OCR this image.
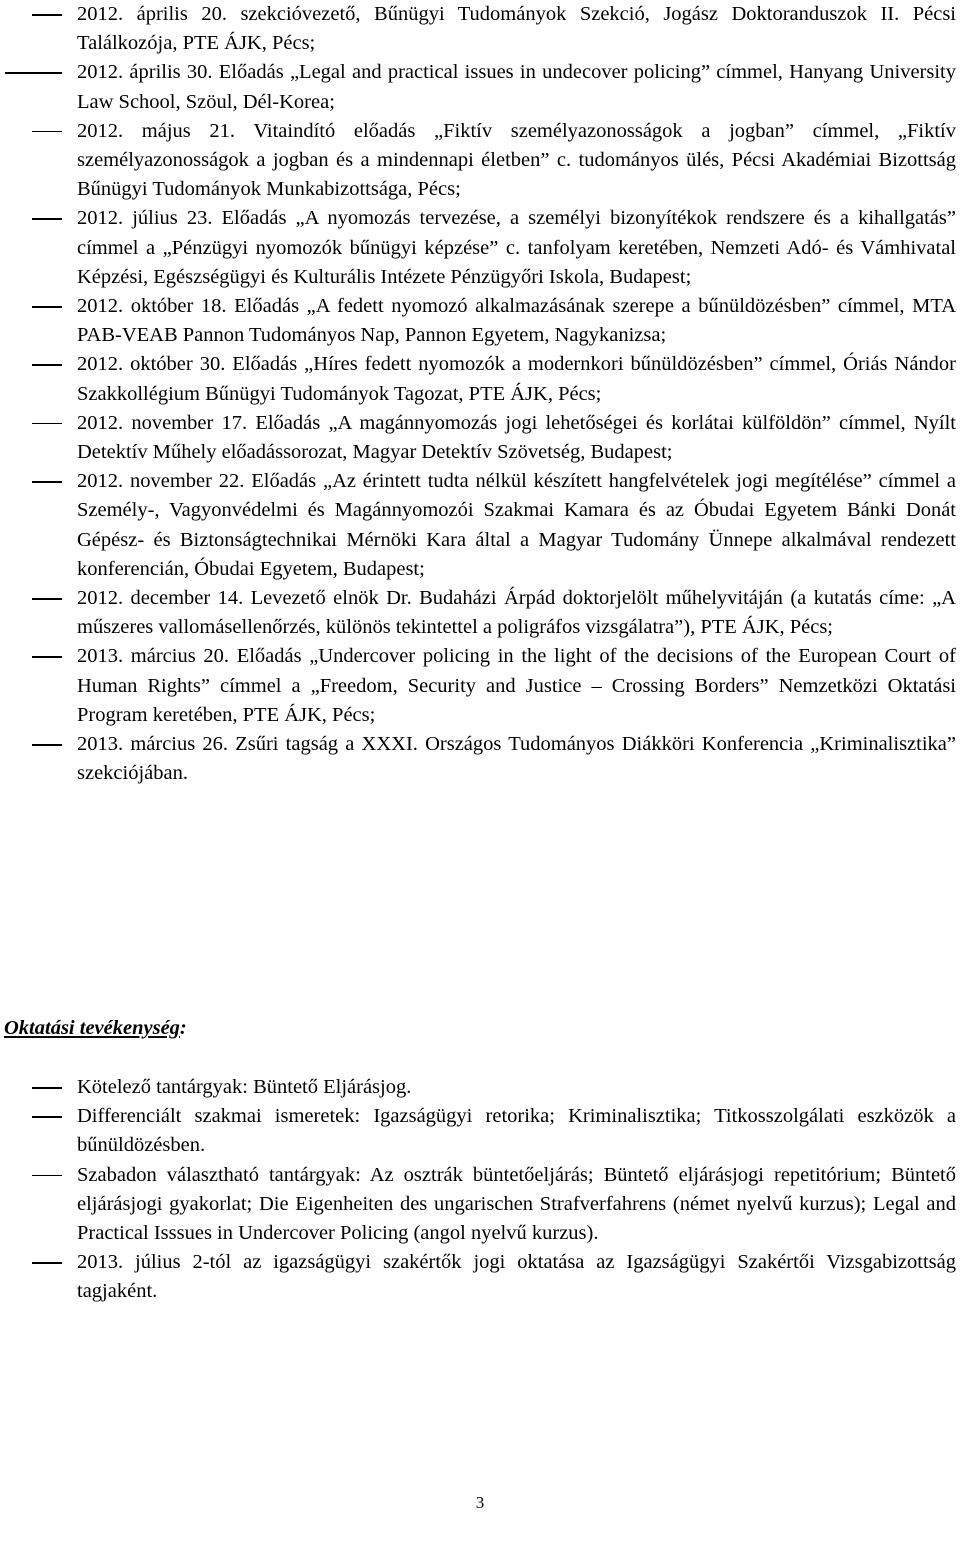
2012. április 20. szekcióvezető, Bűnügyi Tudományok Szekció, Jogász Doktoranduszok II. Pécsi Találkozója, PTE ÁJK, Pécs;
2012. április 30. Előadás „Legal and practical issues in undecover policing” címmel, Hanyang University Law School, Szöul, Dél-Korea;
2012. május 21. Vitaindító előadás „Fiktív személyazonosságok a jogban” címmel, „Fiktív személyazonosságok a jogban és a mindennapi életben” c. tudományos ülés, Pécsi Akadémiai Bizottság Bűnügyi Tudományok Munkabizottsága, Pécs;
2012. július 23. Előadás „A nyomozás tervezése, a személyi bizonyítékok rendszere és a kihallgatás” címmel a „Pénzügyi nyomozók bűnügyi képzése” c. tanfolyam keretében, Nemzeti Adó- és Vámhivatal Képzési, Egészségügyi és Kulturális Intézete Pénzügyőri Iskola, Budapest;
2012. október 18. Előadás „A fedett nyomozó alkalmazásának szerepe a bűnüldözésben” címmel, MTA PAB-VEAB Pannon Tudományos Nap, Pannon Egyetem, Nagykanizsa;
2012. október 30. Előadás „Híres fedett nyomozók a modernkori bűnüldözésben” címmel, Óriás Nándor Szakkollégium Bűnügyi Tudományok Tagozat, PTE ÁJK, Pécs;
2012. november 17. Előadás „A magánnyomozás jogi lehetőségei és korlátai külföldön” címmel, Nyílt Detektív Műhely előadássorozat, Magyar Detektív Szövetség, Budapest;
2012. november 22. Előadás „Az érintett tudta nélkül készített hangfelvételek jogi megítélése” címmel a Személy-, Vagyonvédelmi és Magánnyomozói Szakmai Kamara és az Óbudai Egyetem Bánki Donát Gépész- és Biztonságtechnikai Mérnöki Kara által a Magyar Tudomány Ünnepe alkalmával rendezett konferencián, Óbudai Egyetem, Budapest;
2012. december 14. Levezető elnök Dr. Budaházi Árpád doktorjelölt műhelyvitáján (a kutatás címe: „A műszeres vallomásellenőrzés, különös tekintettel a poligráfos vizsgálatra”), PTE ÁJK, Pécs;
2013. március 20. Előadás „Undercover policing in the light of the decisions of the European Court of Human Rights” címmel a „Freedom, Security and Justice – Crossing Borders” Nemzetközi Oktatási Program keretében, PTE ÁJK, Pécs;
2013. március 26. Zsűri tagság a XXXI. Országos Tudományos Diákköri Konferencia „Kriminalisztika” szekciójában.
Oktatási tevékenység:
Kötelező tantárgyak: Büntető Eljárásjog.
Differenciált szakmai ismeretek: Igazságügyi retorika; Kriminalisztika; Titkosszolgálati eszközök a bűnüldözésben.
Szabadon választható tantárgyak: Az osztrák büntetőeljárás; Büntető eljárásjogi repetitórium; Büntető eljárásjogi gyakorlat; Die Eigenheiten des ungarischen Strafverfahrens (német nyelvű kurzus); Legal and Practical Isssues in Undercover Policing (angol nyelvű kurzus).
2013. július 2-tól az igazságügyi szakértők jogi oktatása az Igazságügyi Szakértői Vizsgabizottság tagjaként.
3
